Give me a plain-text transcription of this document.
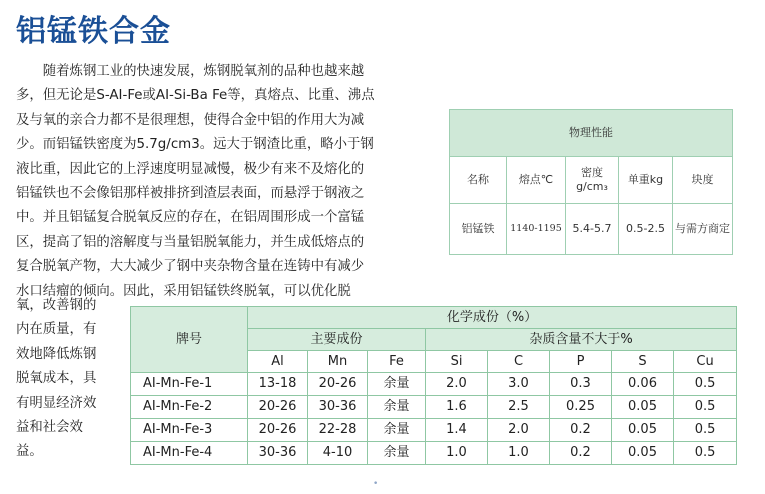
铝锰铁合金
　　随着炼钢工业的快速发展，炼钢脱氧剂的品种也越来越
多，但无论是S-AI-Fe或AI-Si-Ba Fe等，真熔点、比重、沸点
及与氧的亲合力都不是很理想，使得合金中铝的作用大为减
少。而铝锰铁密度为5.7g/cm3。远大于钢渣比重，略小于钢
液比重，因此它的上浮速度明显减慢，极少有来不及熔化的
铝锰铁也不会像铝那样被排挤到渣层表面，而悬浮于钢液之
中。并且铝锰复合脱氧反应的存在，在铝周围形成一个富锰
区，提高了铝的溶解度与当量铝脱氧能力，并生成低熔点的
复合脱氧产物，大大减少了钢中夹杂物含量在连铸中有减少
水口结瘤的倾向。因此，采用铝锰铁终脱氧，可以优化脱
氧，改善钢的
内在质量，有
效地降低炼钢
脱氧成本，具
有明显经济效
益和社会效
益。
物理性能				
名称	熔点℃	密度g/cm₃	单重kg	块度
铝锰铁	1140-1195	5.4-5.7	0.5-2.5	与需方商定
牌号	化学成份（%）							
	主要成份			杂质含量不大于%				
	Al	Mn	Fe	Si	C	P	S	Cu
AI-Mn-Fe-1	13-18	20-26	余量	2.0	3.0	0.3	0.06	0.5
AI-Mn-Fe-2	20-26	30-36	余量	1.6	2.5	0.25	0.05	0.5
AI-Mn-Fe-3	20-26	22-28	余量	1.4	2.0	0.2	0.05	0.5
AI-Mn-Fe-4	30-36	4-10	余量	1.0	1.0	0.2	0.05	0.5
•
